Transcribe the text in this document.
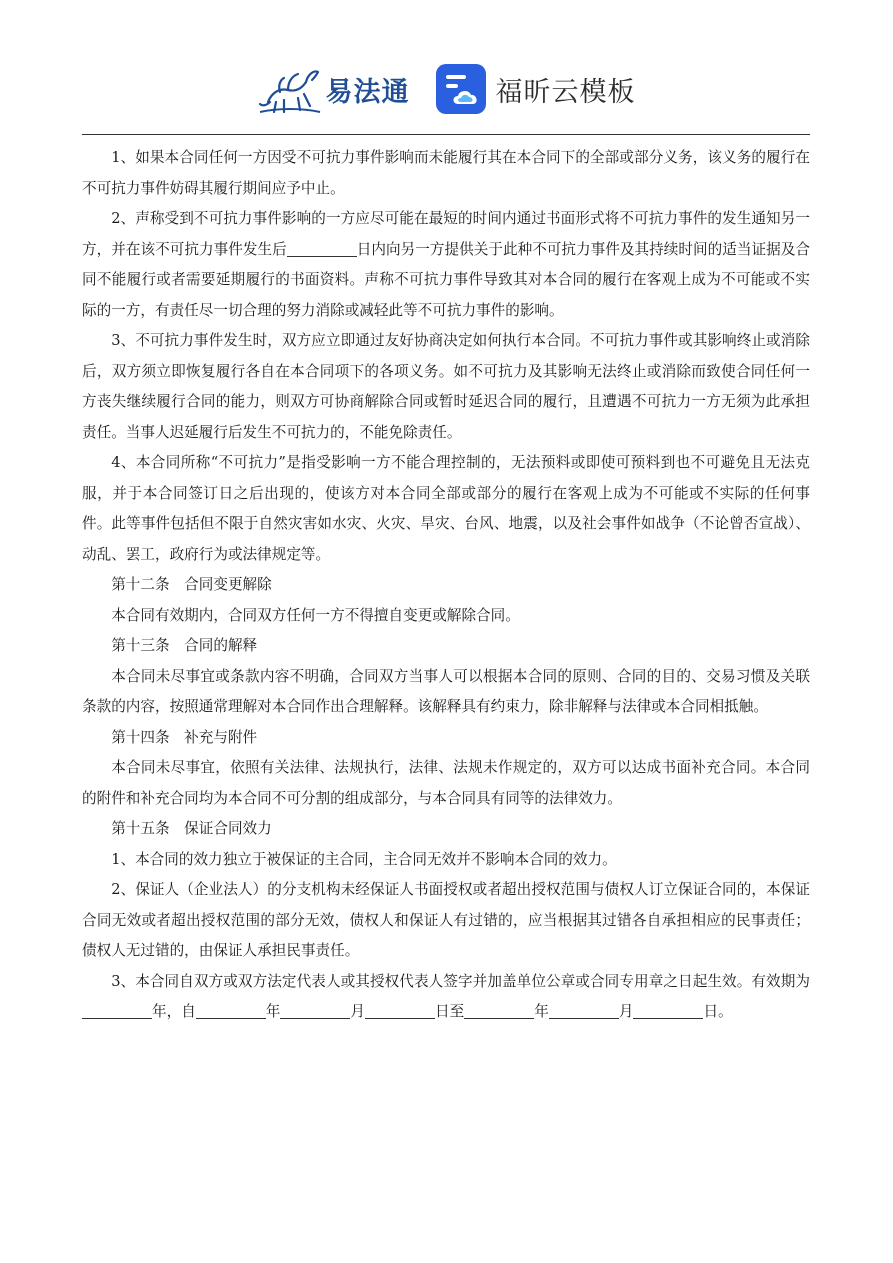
易法通	福昕云模板

1、如果本合同任何一方因受不可抗力事件影响而未能履行其在本合同下的全部或部分义务，该义务的履行在不可抗力事件妨碍其履行期间应予中止。

2、声称受到不可抗力事件影响的一方应尽可能在最短的时间内通过书面形式将不可抗力事件的发生通知另一方，并在该不可抗力事件发生后	日内向另一方提供关于此种不可抗力事件及其持续时间的适当证据及合同不能履行或者需要延期履行的书面资料。声称不可抗力事件导致其对本合同的履行在客观上成为不可能或不实际的一方，有责任尽一切合理的努力消除或减轻此等不可抗力事件的影响。

3、不可抗力事件发生时，双方应立即通过友好协商决定如何执行本合同。不可抗力事件或其影响终止或消除后，双方须立即恢复履行各自在本合同项下的各项义务。如不可抗力及其影响无法终止或消除而致使合同任何一方丧失继续履行合同的能力，则双方可协商解除合同或暂时延迟合同的履行，且遭遇不可抗力一方无须为此承担责任。当事人迟延履行后发生不可抗力的，不能免除责任。

4、本合同所称“不可抗力”是指受影响一方不能合理控制的，无法预料或即使可预料到也不可避免且无法克服，并于本合同签订日之后出现的，使该方对本合同全部或部分的履行在客观上成为不可能或不实际的任何事件。此等事件包括但不限于自然灾害如水灾、火灾、旱灾、台风、地震，以及社会事件如战争（不论曾否宣战）、动乱、罢工，政府行为或法律规定等。

第十二条　合同变更解除

本合同有效期内，合同双方任何一方不得擅自变更或解除合同。

第十三条　合同的解释

本合同未尽事宜或条款内容不明确，合同双方当事人可以根据本合同的原则、合同的目的、交易习惯及关联条款的内容，按照通常理解对本合同作出合理解释。该解释具有约束力，除非解释与法律或本合同相抵触。

第十四条　补充与附件

本合同未尽事宜，依照有关法律、法规执行，法律、法规未作规定的，双方可以达成书面补充合同。本合同的附件和补充合同均为本合同不可分割的组成部分，与本合同具有同等的法律效力。

第十五条　保证合同效力

1、本合同的效力独立于被保证的主合同，主合同无效并不影响本合同的效力。

2、保证人（企业法人）的分支机构未经保证人书面授权或者超出授权范围与债权人订立保证合同的，本保证合同无效或者超出授权范围的部分无效，债权人和保证人有过错的，应当根据其过错各自承担相应的民事责任；债权人无过错的，由保证人承担民事责任。

3、本合同自双方或双方法定代表人或其授权代表人签字并加盖单位公章或合同专用章之日起生效。有效期为年，自	年	月	日至	年	月	日。
